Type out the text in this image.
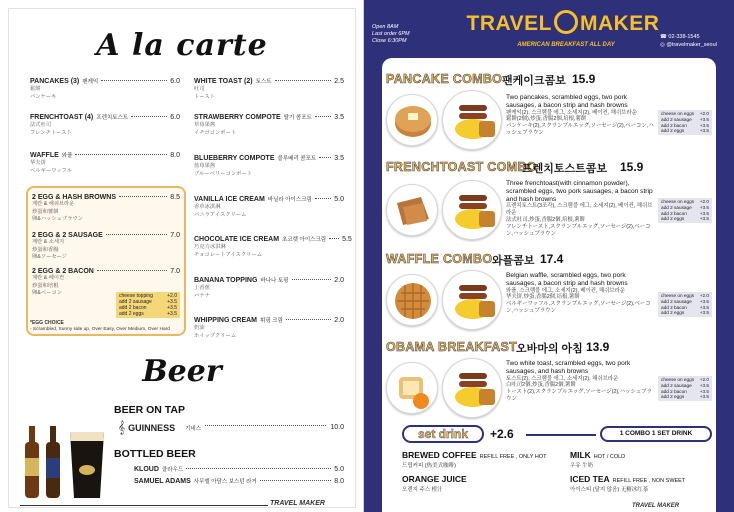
A la carte
PANCAKES (3) 팬케익	6.0
鬆餅
パンケーキ
FRENCHTOAST (4) 프렌치토스트	6.0
法式吐司
フレンチトースト
WAFFLE 와플	8.0
华夫饼
ベルギーワッフル
2 EGG & HASH BROWNS	8.5
계란 & 해쉬브라운
炒蛋和薯餅
卵&ハッシュブラウン
2 EGG & 2 SAUSAGE	7.0
계란 & 소세지
炒蛋和香腸
卵&ソーセージ
2 EGG & 2 BACON	7.0
계란 & 베이컨
炒蛋和培根
卵&ベーコン	cheese topping	+2.0
add 2 sausage	+3.5
add 2 bacon	+3.5
add 2 eggs	+3.5
*EGG CHOICE
- Scrambled, Sunny side up, Over Easy, Over Medium, Over Hard
WHITE TOAST (2) 토스트	2.5
吐司
トースト
STRAWBERRY COMPOTE 딸기 콤포트	3.5
草莓果酱
イチゴコンポート
BLUEBERRY COMPOTE 블루베리 콤포트	3.5
蓝莓果酱
ブルーベリーコンポート
VANILLA ICE CREAM 바닐라 아이스크림	5.0
香草冰淇淋
バニラアイスクリーム
CHOCOLATE ICE CREAM 초코렛 아이스크림 5.5
巧克力冰淇淋
チョコレートアイスクリーム
BANANA TOPPING 바나나 토핑	2.0
上香蕉
バナナ
WHIPPING CREAM 휘핑 크림	2.0
奶油
ホイップクリーム
Beer
BEER ON TAP
𝄞 GUINNESS 기네스	10.0
BOTTLED BEER
KLOUD 클라우드	5.0
SAMUEL ADAMS 사무엘 아담스 보스턴 라거	8.0
TRAVEL MAKER
Open 8AM
Last order 6PM
Close 6:30PM
TRAVEL MAKER
AMERICAN BREAKFAST ALL DAY
☎ 02-338-1545
◎ @travelmaker_seoul
PANCAKE COMBO 팬케이크콤보 15.9
Two pancakes, scrambled eggs, two pork sausages, a bacon strip and hash browns
팬케익(2), 스크램블 에그, 소세지(2), 베이컨, 해쉬브라운
鬆餅(2個),炒蛋,香腸2個,培根,薯餅
パンケーキ(2),スクランブルエッグ,ソーセージ(2),ベーコン,ハッシュブラウン
cheese on eggs +2.0
add 2 sausage +3.5
add 2 bacon	+3.5
add 2 eggs	+3.5
FRENCHTOAST COMBO
프렌치토스트콤보 15.9
Three frenchtoast(with cinnamon powder), scrambled eggs, two pork sausages, a bacon strip and hash browns
프렌치토스트(3조각), 스크램블 에그, 소세지(2), 베이컨, 해쉬브라운
法式吐司,炒蛋,香腸2個,培根,薯餅
フレンチトースト,スクランブルエッグ,ソーセージ(2),ベーコン,ハッシュブラウン
cheese on eggs +2.0
add 2 sausage +3.5
add 2 bacon	+3.5
add 2 eggs	+3.5
WAFFLE COMBO 와플콤보 17.4
Belgian waffle, scrambled eggs, two pork sausages, a bacon strip and hash browns
와플, 스크램블 에그, 소세지(2), 베이컨, 해쉬브라운
华夫饼,炒蛋,香腸2個,培根,薯餅
ベルギーワッフル,スクランブルエッグ,ソーセージ(2),ベーコン,ハッシュブラウン
cheese on eggs +2.0
add 2 sausage +3.5
add 2 bacon	+3.5
add 2 eggs	+3.5
OBAMA BREAKFAST
오바마의 아침 13.9
Two white toast, scrambled eggs, two pork sausages, and hash browns
토스트(2), 스크램블 에그, 소세지(2), 해쉬브라운
白吐司2個,炒蛋,香腸2個,薯餅
トースト(2),スクランブルエッグ,ソーセージ(2),ハッシュブラウン
cheese on eggs +2.0
add 2 sausage +3.5
add 2 bacon	+3.5
add 2 eggs	+3.5
set drink	+2.6	1 COMBO 1 SET DRINK
BREWED COFFEE REFILL FREE , ONLY HOT
드립커피 (热美式咖啡)
MILK HOT / COLD
우유 牛奶
ORANGE JUICE
오렌지 주스 橙汁
ICED TEA REFILL FREE , NON SWEET
아이스티 (달지 않음) 无糖冰红茶
TRAVEL MAKER
